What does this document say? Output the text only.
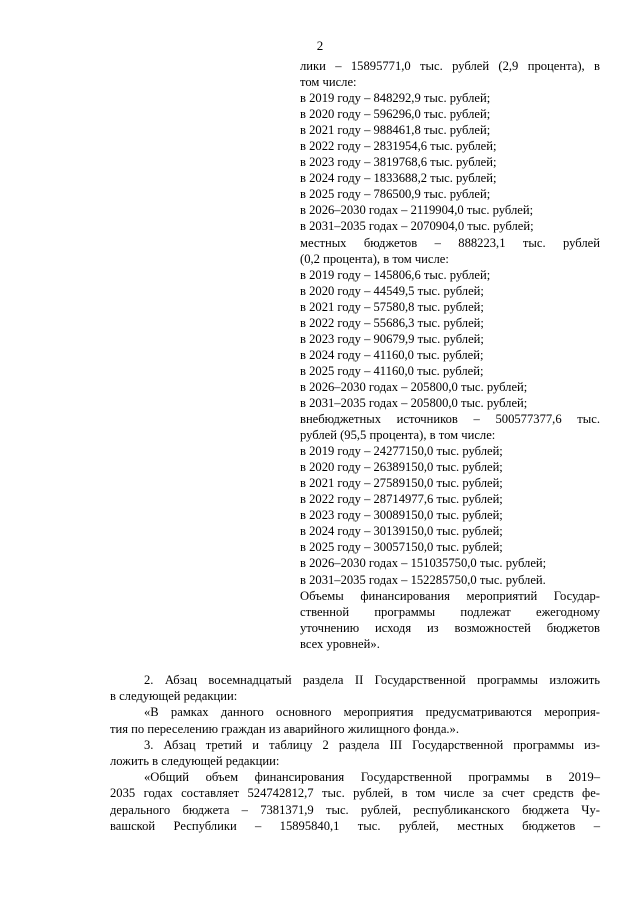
2
лики – 15895771,0 тыс. рублей (2,9 процента), в
том числе:
в 2019 году – 848292,9 тыс. рублей;
в 2020 году – 596296,0 тыс. рублей;
в 2021 году – 988461,8 тыс. рублей;
в 2022 году – 2831954,6 тыс. рублей;
в 2023 году – 3819768,6 тыс. рублей;
в 2024 году – 1833688,2 тыс. рублей;
в 2025 году – 786500,9 тыс. рублей;
в 2026–2030 годах – 2119904,0 тыс. рублей;
в 2031–2035 годах – 2070904,0 тыс. рублей;
местных бюджетов – 888223,1 тыс. рублей
(0,2 процента), в том числе:
в 2019 году – 145806,6 тыс. рублей;
в 2020 году – 44549,5 тыс. рублей;
в 2021 году – 57580,8 тыс. рублей;
в 2022 году – 55686,3 тыс. рублей;
в 2023 году – 90679,9 тыс. рублей;
в 2024 году – 41160,0 тыс. рублей;
в 2025 году – 41160,0 тыс. рублей;
в 2026–2030 годах – 205800,0 тыс. рублей;
в 2031–2035 годах – 205800,0 тыс. рублей;
внебюджетных источников – 500577377,6 тыс.
рублей (95,5 процента), в том числе:
в 2019 году – 24277150,0 тыс. рублей;
в 2020 году – 26389150,0 тыс. рублей;
в 2021 году – 27589150,0 тыс. рублей;
в 2022 году – 28714977,6 тыс. рублей;
в 2023 году – 30089150,0 тыс. рублей;
в 2024 году – 30139150,0 тыс. рублей;
в 2025 году – 30057150,0 тыс. рублей;
в 2026–2030 годах – 151035750,0 тыс. рублей;
в 2031–2035 годах – 152285750,0 тыс. рублей.
Объемы финансирования мероприятий Государ-
ственной программы подлежат ежегодному
уточнению исходя из возможностей бюджетов
всех уровней».
2. Абзац восемнадцатый раздела II Государственной программы изложить
в следующей редакции:
«В рамках данного основного мероприятия предусматриваются мероприя-
тия по переселению граждан из аварийного жилищного фонда.».
3. Абзац третий и таблицу 2 раздела III Государственной программы из-
ложить в следующей редакции:
«Общий объем финансирования Государственной программы в 2019–
2035 годах составляет 524742812,7 тыс. рублей, в том числе за счет средств фе-
дерального бюджета – 7381371,9 тыс. рублей, республиканского бюджета Чу-
вашской Республики – 15895840,1 тыс. рублей, местных бюджетов –
